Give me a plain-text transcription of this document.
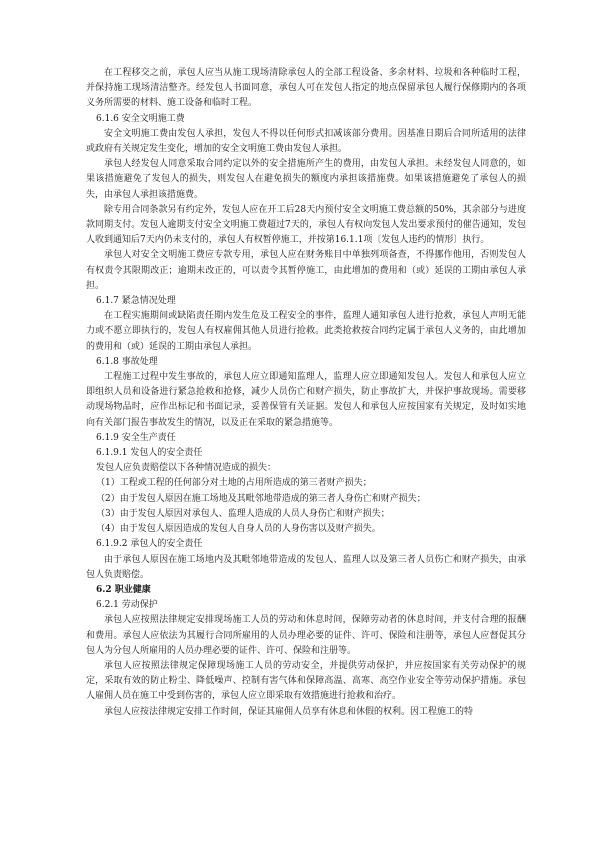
在工程移交之前，承包人应当从施工现场清除承包人的全部工程设备、多余材料、垃圾和各种临时工程，并保持施工现场清洁整齐。经发包人书面同意，承包人可在发包人指定的地点保留承包人履行保修期内的各项义务所需要的材料、施工设备和临时工程。

6.1.6 安全文明施工费

安全文明施工费由发包人承担，发包人不得以任何形式扣减该部分费用。因基准日期后合同所适用的法律或政府有关规定发生变化，增加的安全文明施工费由发包人承担。

承包人经发包人同意采取合同约定以外的安全措施所产生的费用，由发包人承担。未经发包人同意的，如果该措施避免了发包人的损失，则发包人在避免损失的额度内承担该措施费。如果该措施避免了承包人的损失，由承包人承担该措施费。

除专用合同条款另有约定外，发包人应在开工后28天内预付安全文明施工费总额的50%，其余部分与进度款同期支付。发包人逾期支付安全文明施工费超过7天的，承包人有权向发包人发出要求预付的催告通知，发包人收到通知后7天内仍未支付的，承包人有权暂停施工，并按第16.1.1项〔发包人违约的情形〕执行。

承包人对安全文明施工费应专款专用，承包人应在财务账目中单独列项备查，不得挪作他用，否则发包人有权责令其限期改正；逾期未改正的，可以责令其暂停施工，由此增加的费用和（或）延误的工期由承包人承担。

6.1.7 紧急情况处理

在工程实施期间或缺陷责任期内发生危及工程安全的事件，监理人通知承包人进行抢救，承包人声明无能力或不愿立即执行的，发包人有权雇佣其他人员进行抢救。此类抢救按合同约定属于承包人义务的，由此增加的费用和（或）延误的工期由承包人承担。

6.1.8 事故处理

工程施工过程中发生事故的，承包人应立即通知监理人，监理人应立即通知发包人。发包人和承包人应立即组织人员和设备进行紧急抢救和抢修，减少人员伤亡和财产损失，防止事故扩大，并保护事故现场。需要移动现场物品时，应作出标记和书面记录，妥善保管有关证据。发包人和承包人应按国家有关规定，及时如实地向有关部门报告事故发生的情况，以及正在采取的紧急措施等。

6.1.9 安全生产责任

6.1.9.1 发包人的安全责任

发包人应负责赔偿以下各种情况造成的损失：

（1）工程或工程的任何部分对土地的占用所造成的第三者财产损失；

（2）由于发包人原因在施工场地及其毗邻地带造成的第三者人身伤亡和财产损失；

（3）由于发包人原因对承包人、监理人造成的人员人身伤亡和财产损失；

（4）由于发包人原因造成的发包人自身人员的人身伤害以及财产损失。

6.1.9.2 承包人的安全责任

由于承包人原因在施工场地内及其毗邻地带造成的发包人、监理人以及第三者人员伤亡和财产损失，由承包人负责赔偿。

6.2 职业健康

6.2.1 劳动保护

承包人应按照法律规定安排现场施工人员的劳动和休息时间，保障劳动者的休息时间，并支付合理的报酬和费用。承包人应依法为其履行合同所雇用的人员办理必要的证件、许可、保险和注册等，承包人应督促其分包人为分包人所雇用的人员办理必要的证件、许可、保险和注册等。

承包人应按照法律规定保障现场施工人员的劳动安全，并提供劳动保护，并应按国家有关劳动保护的规定，采取有效的防止粉尘、降低噪声、控制有害气体和保障高温、高寒、高空作业安全等劳动保护措施。承包人雇佣人员在施工中受到伤害的，承包人应立即采取有效措施进行抢救和治疗。

承包人应按法律规定安排工作时间，保证其雇佣人员享有休息和休假的权利。因工程施工的特
